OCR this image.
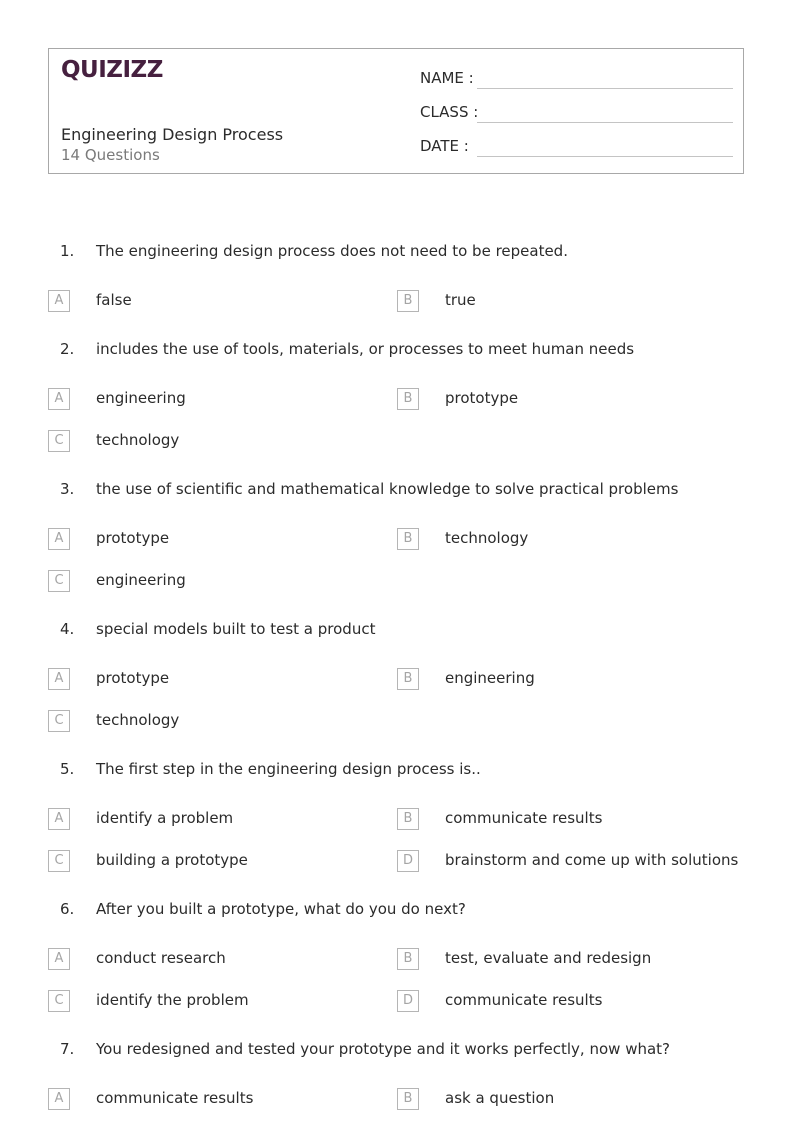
QUIZIZZ
Engineering Design Process
14 Questions
NAME :
CLASS :
DATE :
1. The engineering design process does not need to be repeated.
A	false	B	true
2. includes the use of tools, materials, or processes to meet human needs
A	engineering	B	prototype
C	technology
3. the use of scientific and mathematical knowledge to solve practical problems
A	prototype	B	technology
C	engineering
4. special models built to test a product
A	prototype	B	engineering
C	technology
5. The first step in the engineering design process is..
A	identify a problem	B	communicate results
C	building a prototype	D	brainstorm and come up with solutions
6. After you built a prototype, what do you do next?
A	conduct research	B	test, evaluate and redesign
C	identify the problem	D	communicate results
7. You redesigned and tested your prototype and it works perfectly, now what?
A	communicate results	B	ask a question
